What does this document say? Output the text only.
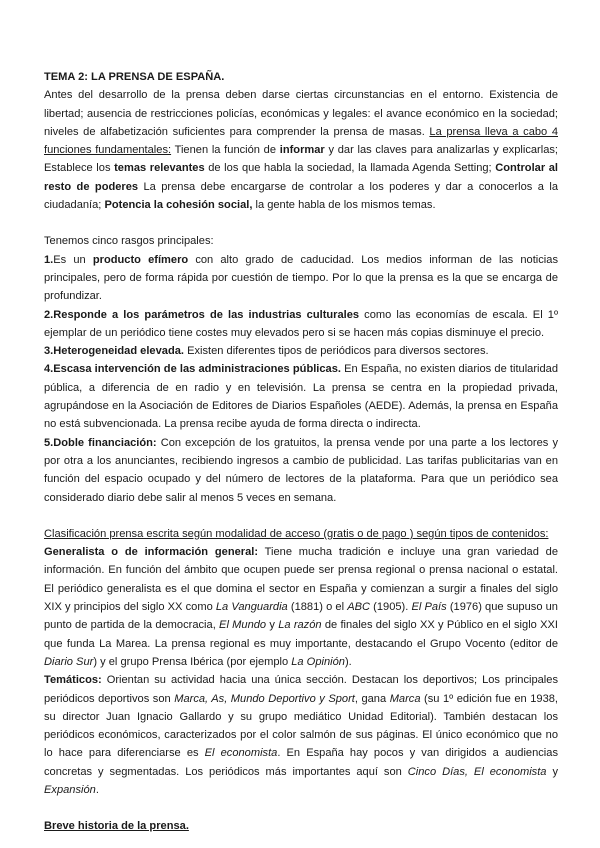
TEMA 2: LA PRENSA DE ESPAÑA.

Antes del desarrollo de la prensa deben darse ciertas circunstancias en el entorno. Existencia de libertad; ausencia de restricciones policías, económicas y legales: el avance económico en la sociedad; niveles de alfabetización suficientes para comprender la prensa de masas. La prensa lleva a cabo 4 funciones fundamentales: Tienen la función de informar y dar las claves para analizarlas y explicarlas; Establece los temas relevantes de los que habla la sociedad, la llamada Agenda Setting; Controlar al resto de poderes La prensa debe encargarse de controlar a los poderes y dar a conocerlos a la ciudadanía; Potencia la cohesión social, la gente habla de los mismos temas.

Tenemos cinco rasgos principales:

1.Es un producto efímero con alto grado de caducidad. Los medios informan de las noticias principales, pero de forma rápida por cuestión de tiempo. Por lo que la prensa es la que se encarga de profundizar.

2.Responde a los parámetros de las industrias culturales como las economías de escala. El 1º ejemplar de un periódico tiene costes muy elevados pero si se hacen más copias disminuye el precio.

3.Heterogeneidad elevada. Existen diferentes tipos de periódicos para diversos sectores.

4.Escasa intervención de las administraciones públicas. En España, no existen diarios de titularidad pública, a diferencia de en radio y en televisión. La prensa se centra en la propiedad privada, agrupándose en la Asociación de Editores de Diarios Españoles (AEDE). Además, la prensa en España no está subvencionada. La prensa recibe ayuda de forma directa o indirecta.

5.Doble financiación: Con excepción de los gratuitos, la prensa vende por una parte a los lectores y por otra a los anunciantes, recibiendo ingresos a cambio de publicidad. Las tarifas publicitarias van en función del espacio ocupado y del número de lectores de la plataforma. Para que un periódico sea considerado diario debe salir al menos 5 veces en semana.

Clasificación prensa escrita según modalidad de acceso (gratis o de pago ) según tipos de contenidos:

Generalista o de información general: Tiene mucha tradición e incluye una gran variedad de información. En función del ámbito que ocupen puede ser prensa regional o prensa nacional o estatal. El periódico generalista es el que domina el sector en España y comienzan a surgir a finales del siglo XIX y principios del siglo XX como La Vanguardia (1881) o el ABC (1905). El País (1976) que supuso un punto de partida de la democracia, El Mundo y La razón de finales del siglo XX y Público en el siglo XXI que funda La Marea. La prensa regional es muy importante, destacando el Grupo Vocento (editor de Diario Sur) y el grupo Prensa Ibérica (por ejemplo La Opinión).

Temáticos: Orientan su actividad hacia una única sección. Destacan los deportivos; Los principales periódicos deportivos son Marca, As, Mundo Deportivo y Sport, gana Marca (su 1º edición fue en 1938, su director Juan Ignacio Gallardo y su grupo mediático Unidad Editorial). También destacan los periódicos económicos, caracterizados por el color salmón de sus páginas. El único económico que no lo hace para diferenciarse es El economista. En España hay pocos y van dirigidos a audiencias concretas y segmentadas. Los periódicos más importantes aquí son Cinco Días, El economista y Expansión.

Breve historia de la prensa.
